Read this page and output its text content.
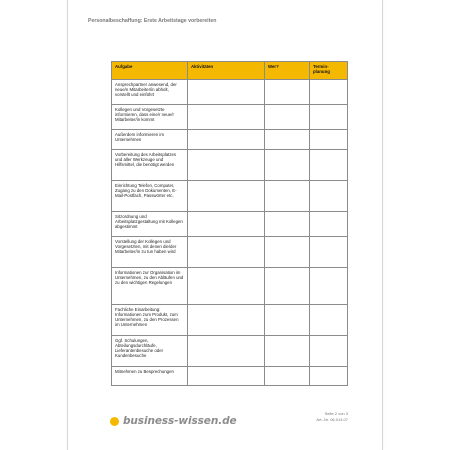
Personalbeschaffung: Erste Arbeitstage vorbereiten
Aufgabe	Aktivitäten	Wer?	Termin-planung
Ansprechpartner anwesend, der neue/n Mitarbeiter/in abholt, vorstellt und einführt			
Kollegen und Vorgesetzte informieren, dass eine/r neue/r Mitarbeiter/in kommt			
Außerdem informieren im Unternehmen			
Vorbereitung des Arbeitsplatzes und aller Werkzeuge und Hilfsmittel, die benötigt werden			
Einrichtung Telefon, Computer, Zugang zu den Dokumenten, E-Mail-Postfach, Passwörter etc.			
Sitzordnung und Arbeitsplatzgestaltung mit Kollegen abgestimmt			
Vorstellung der Kollegen und Vorgesetzten, mit denen die/der Mitarbeiter/in zu tun haben wird			
Informationen zur Organisation im Unternehmen, zu den Abläufen und zu den wichtigen Regelungen			
Fachliche Einarbeitung: Informationen zum Produkt, zum Unternehmen, zu den Prozessen im Unternehmen			
Ggf. Schulungen, Abteilungsdurchläufe, Lieferantenbesuche oder Kundenbesuche			
Mitnehmen zu Besprechungen			
business-wissen.de
Seite 2 von 3
Art.-Nr. 06.014.07
